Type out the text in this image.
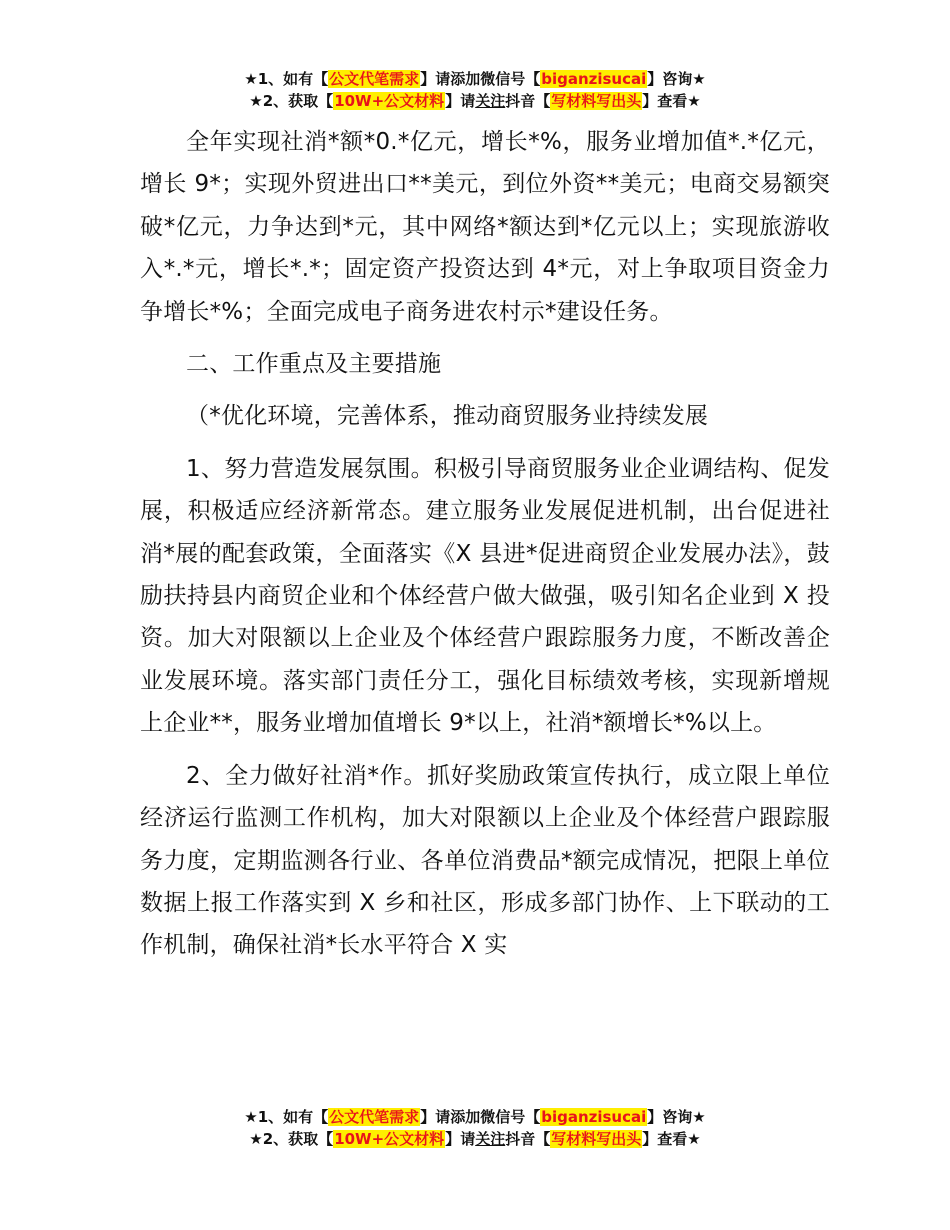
★1、如有【公文代笔需求】请添加微信号【biganzisucai】咨询★
★2、获取【10W+公文材料】请关注抖音【写材料写出头】查看★

全年实现社消*额*0.*亿元，增长*%，服务业增加值*.*亿元，增长 9*；实现外贸进出口**美元，到位外资**美元；电商交易额突破*亿元，力争达到*元，其中网络*额达到*亿元以上；实现旅游收入*.*元，增长*.*；固定资产投资达到 4*元，对上争取项目资金力争增长*%；全面完成电子商务进农村示*建设任务。

二、工作重点及主要措施

（*优化环境，完善体系，推动商贸服务业持续发展

1、努力营造发展氛围。积极引导商贸服务业企业调结构、促发展，积极适应经济新常态。建立服务业发展促进机制，出台促进社消*展的配套政策，全面落实《X 县进*促进商贸企业发展办法》，鼓励扶持县内商贸企业和个体经营户做大做强，吸引知名企业到 X 投资。加大对限额以上企业及个体经营户跟踪服务力度，不断改善企业发展环境。落实部门责任分工，强化目标绩效考核，实现新增规上企业**，服务业增加值增长 9*以上，社消*额增长*%以上。

2、全力做好社消*作。抓好奖励政策宣传执行，成立限上单位经济运行监测工作机构，加大对限额以上企业及个体经营户跟踪服务力度，定期监测各行业、各单位消费品*额完成情况，把限上单位数据上报工作落实到 X 乡和社区，形成多部门协作、上下联动的工作机制，确保社消*长水平符合 X 实

★1、如有【公文代笔需求】请添加微信号【biganzisucai】咨询★
★2、获取【10W+公文材料】请关注抖音【写材料写出头】查看★
